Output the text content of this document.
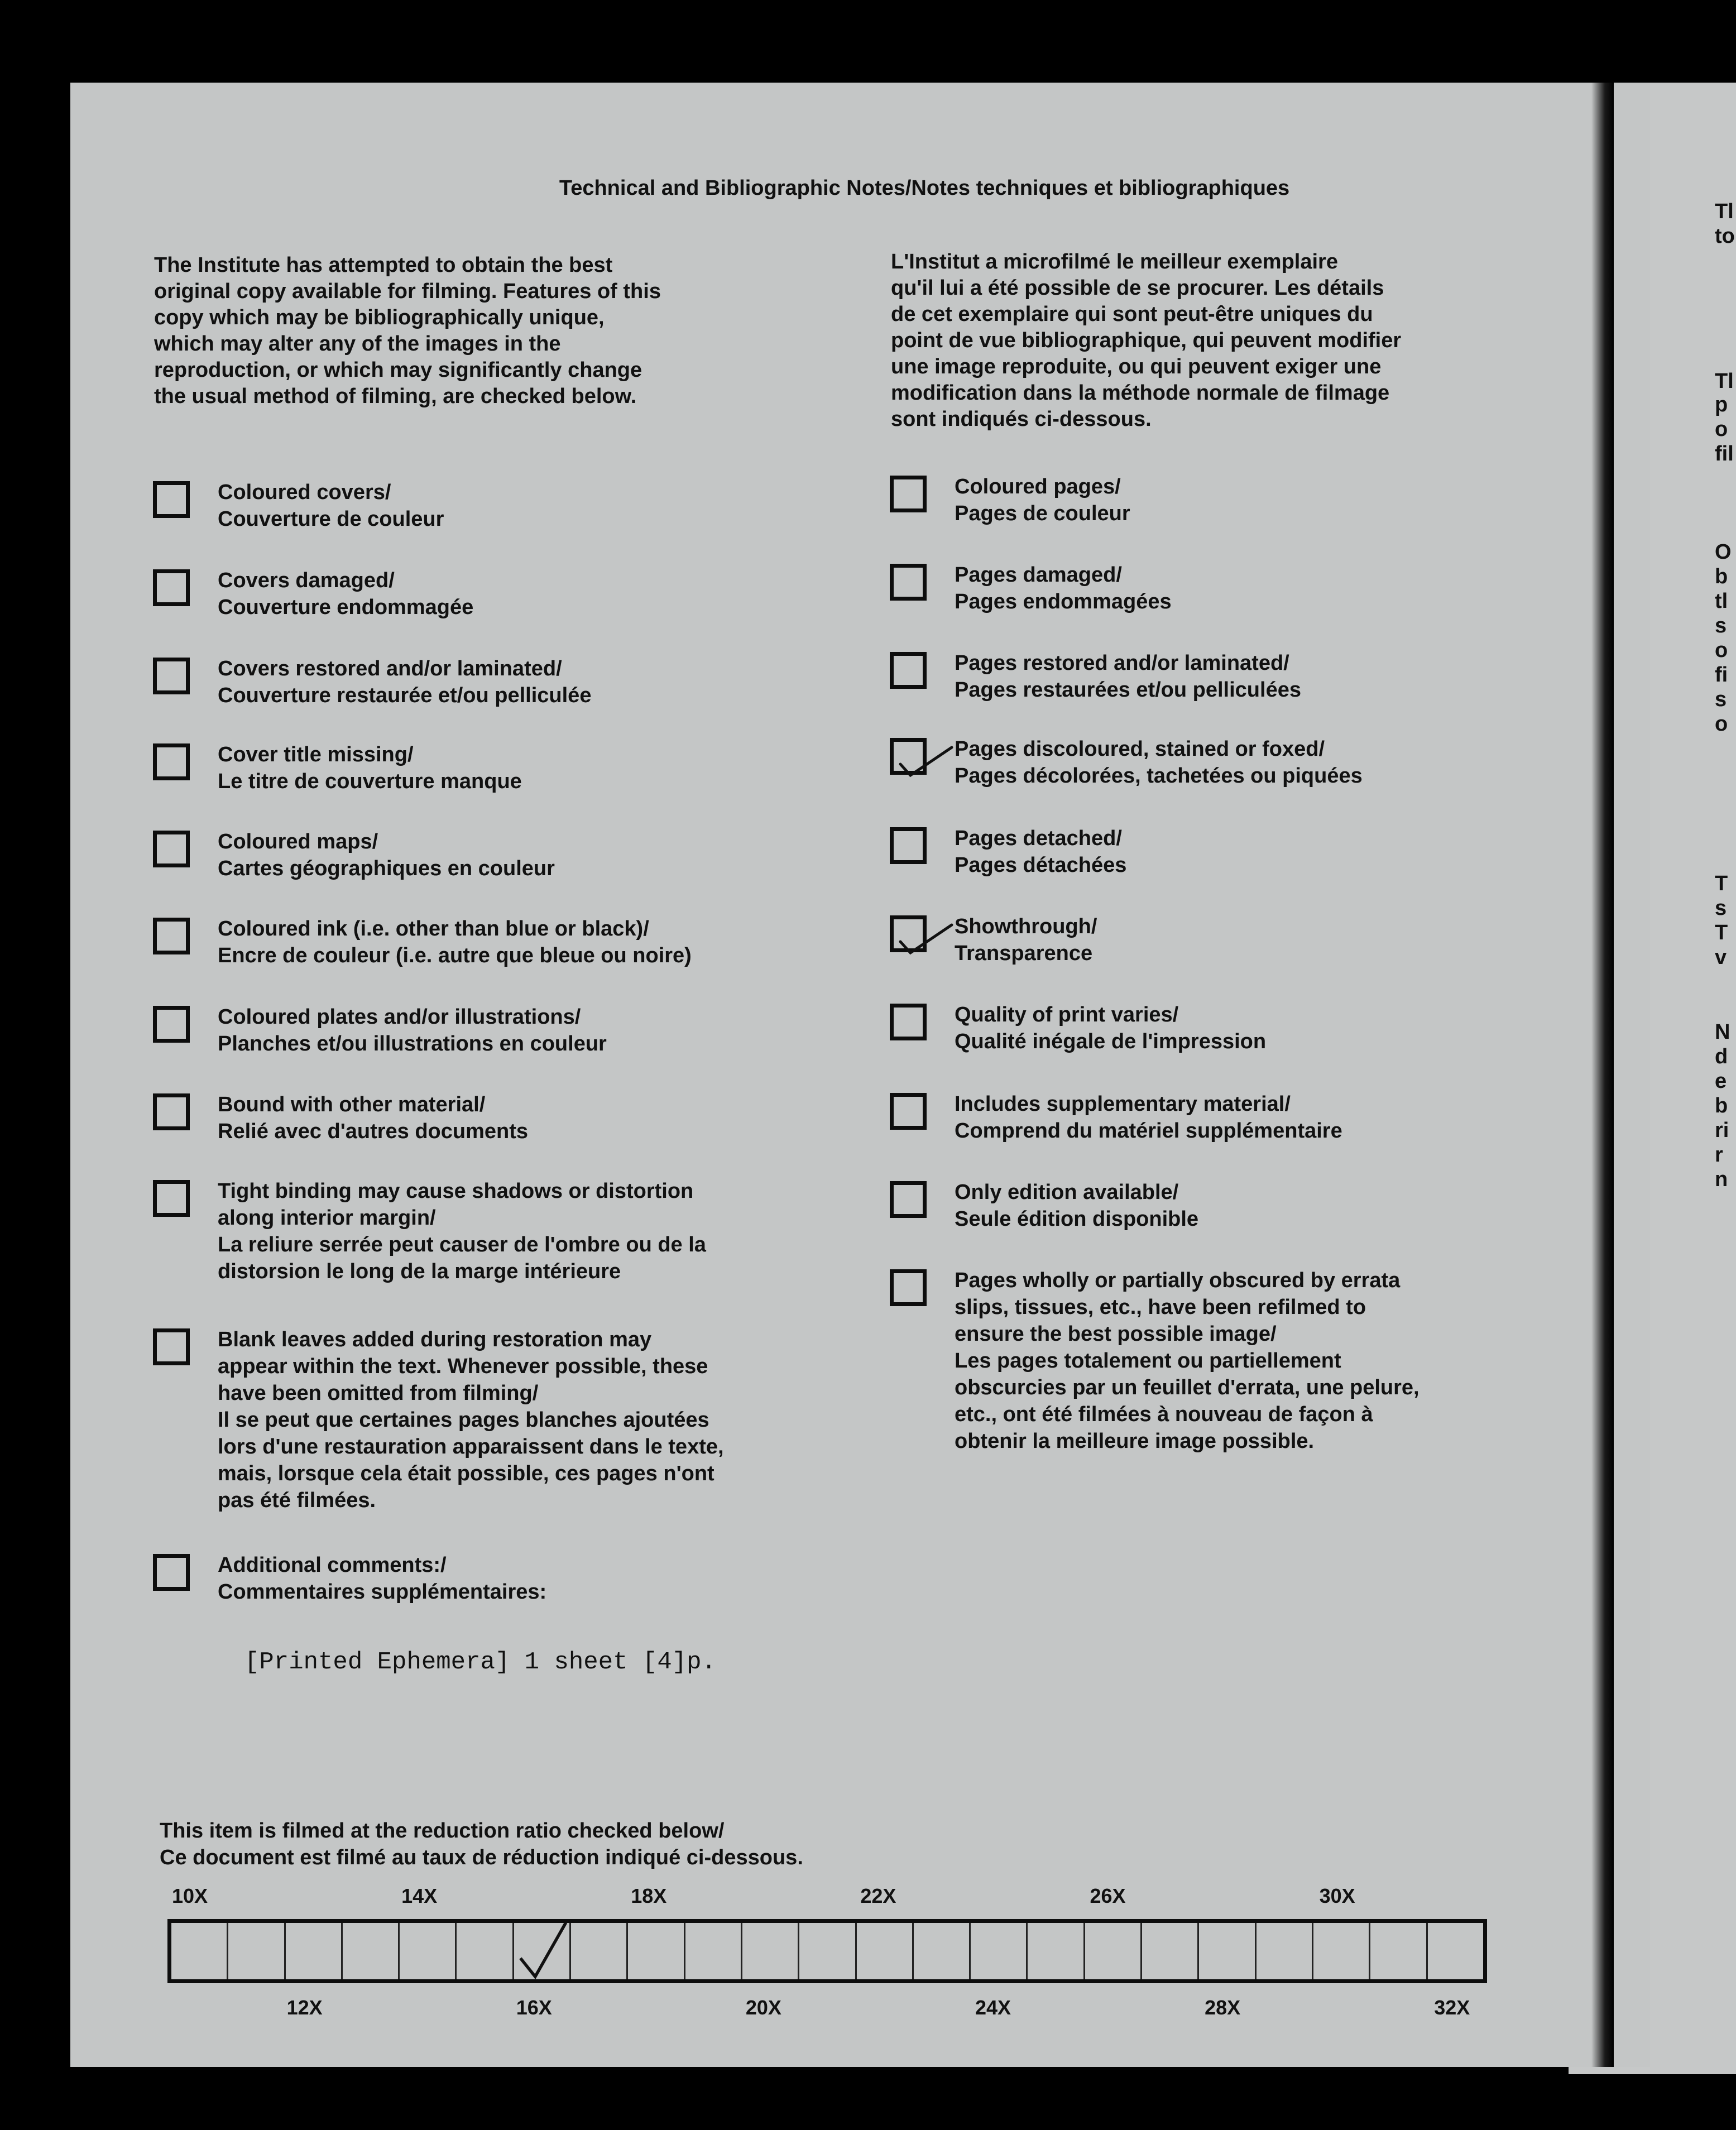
Tl
to
Tl
p
o
fil
O
b
tl
s
o
fi
s
o
T
s
T
v
N
d
e
b
ri
r
n
Technical and Bibliographic Notes/Notes techniques et bibliographiques
The Institute has attempted to obtain the best
original copy available for filming. Features of this
copy which may be bibliographically unique,
which may alter any of the images in the
reproduction, or which may significantly change
the usual method of filming, are checked below.
L'Institut a microfilmé le meilleur exemplaire
qu'il lui a été possible de se procurer. Les détails
de cet exemplaire qui sont peut-être uniques du
point de vue bibliographique, qui peuvent modifier
une image reproduite, ou qui peuvent exiger une
modification dans la méthode normale de filmage
sont indiqués ci-dessous.
Coloured covers/
Couverture de couleur
Covers damaged/
Couverture endommagée
Covers restored and/or laminated/
Couverture restaurée et/ou pelliculée
Cover title missing/
Le titre de couverture manque
Coloured maps/
Cartes géographiques en couleur
Coloured ink (i.e. other than blue or black)/
Encre de couleur (i.e. autre que bleue ou noire)
Coloured plates and/or illustrations/
Planches et/ou illustrations en couleur
Bound with other material/
Relié avec d'autres documents
Tight binding may cause shadows or distortion
along interior margin/
La reliure serrée peut causer de l'ombre ou de la
distorsion le long de la marge intérieure
Blank leaves added during restoration may
appear within the text. Whenever possible, these
have been omitted from filming/
Il se peut que certaines pages blanches ajoutées
lors d'une restauration apparaissent dans le texte,
mais, lorsque cela était possible, ces pages n'ont
pas été filmées.
Additional comments:/
Commentaires supplémentaires:
Coloured pages/
Pages de couleur
Pages damaged/
Pages endommagées
Pages restored and/or laminated/
Pages restaurées et/ou pelliculées
Pages discoloured, stained or foxed/
Pages décolorées, tachetées ou piquées
Pages detached/
Pages détachées
Showthrough/
Transparence
Quality of print varies/
Qualité inégale de l'impression
Includes supplementary material/
Comprend du matériel supplémentaire
Only edition available/
Seule édition disponible
Pages wholly or partially obscured by errata
slips, tissues, etc., have been refilmed to
ensure the best possible image/
Les pages totalement ou partiellement
obscurcies par un feuillet d'errata, une pelure,
etc., ont été filmées à nouveau de façon à
obtenir la meilleure image possible.
[Printed Ephemera] 1 sheet [4]p.
This item is filmed at the reduction ratio checked below/
Ce document est filmé au taux de réduction indiqué ci-dessous.
10X	14X	18X	22X	26X	30X
12X	16X	20X	24X	28X	32X
